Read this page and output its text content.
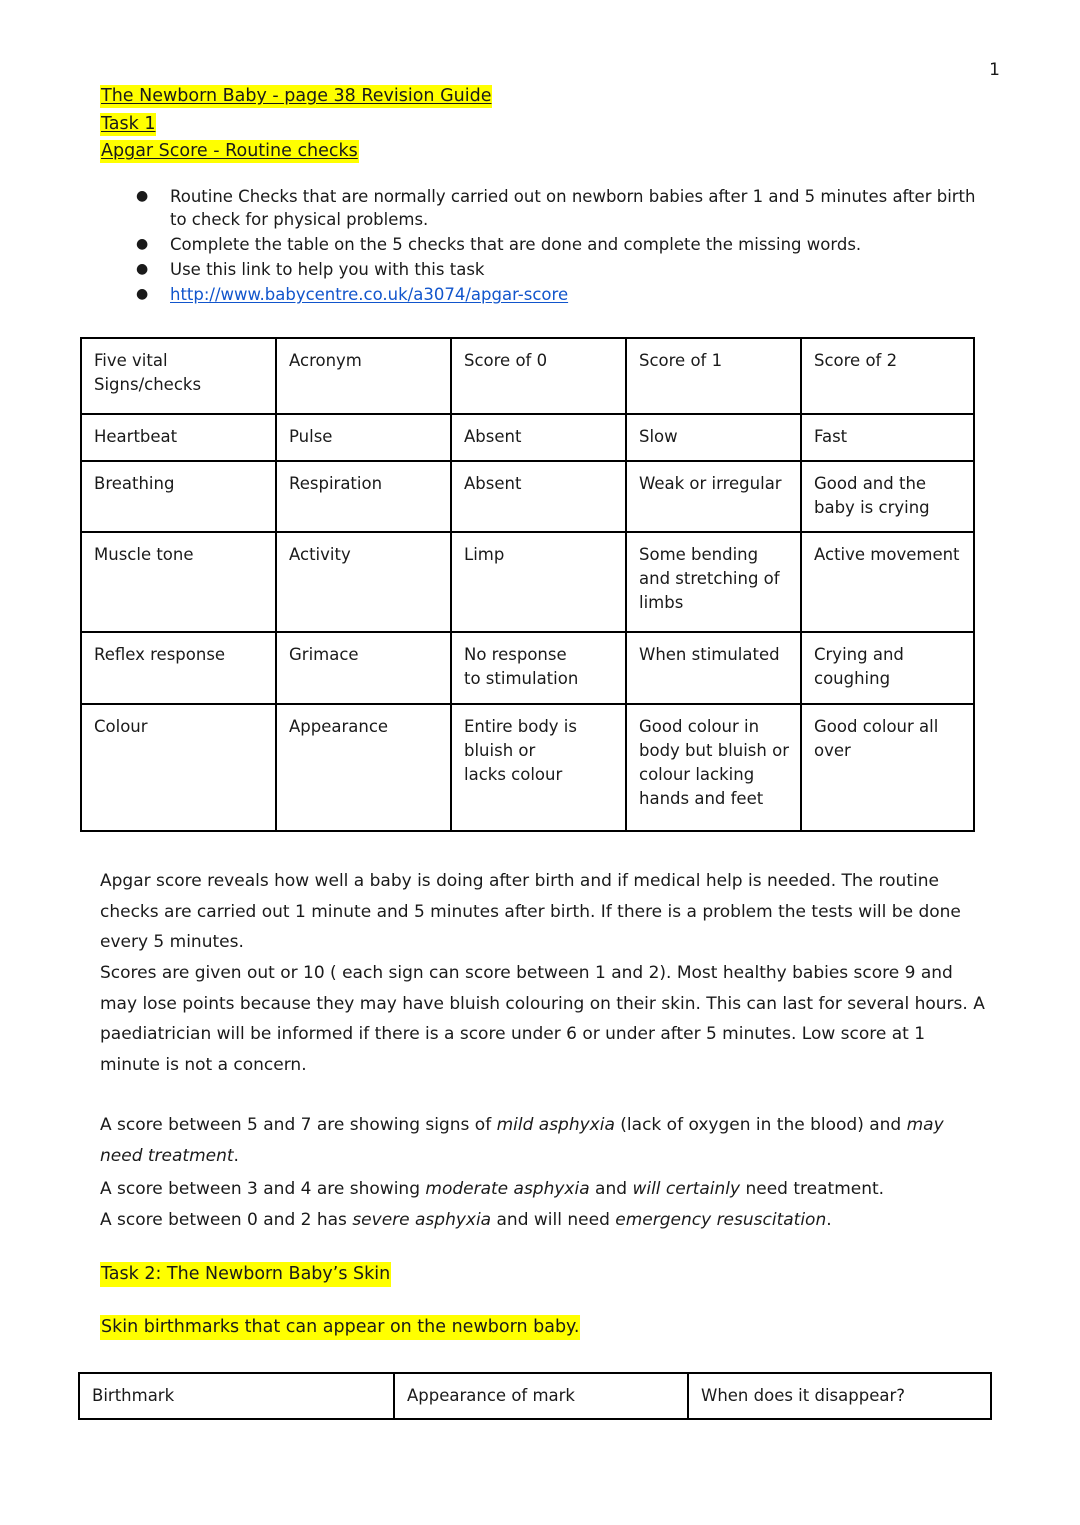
1
The Newborn Baby - page 38 Revision Guide
Task 1
Apgar Score - Routine checks
● Routine Checks that are normally carried out on newborn babies after 1 and 5 minutes after birth to check for physical problems.
● Complete the table on the 5 checks that are done and complete the missing words.
● Use this link to help you with this task
● http://www.babycentre.co.uk/a3074/apgar-score
Five vital
Signs/checks	Acronym	Score of 0	Score of 1	Score of 2
Heartbeat	Pulse	Absent	Slow	Fast
Breathing	Respiration	Absent	Weak or irregular	Good and the baby is crying
Muscle tone	Activity	Limp	Some bending and stretching of limbs	Active movement
Reflex response	Grimace	No response
to stimulation	When stimulated	Crying and coughing
Colour	Appearance	Entire body is
bluish or
lacks colour	Good colour in body but bluish or colour lacking hands and feet	Good colour all over
Apgar score reveals how well a baby is doing after birth and if medical help is needed. The routine checks are carried out 1 minute and 5 minutes after birth. If there is a problem the tests will be done every 5 minutes.
Scores are given out or 10 ( each sign can score between 1 and 2). Most healthy babies score 9 and may lose points because they may have bluish colouring on their skin. This can last for several hours. A paediatrician will be informed if there is a score under 6 or under after 5 minutes. Low score at 1 minute is not a concern.
A score between 5 and 7 are showing signs of mild asphyxia (lack of oxygen in the blood) and may need treatment.
A score between 3 and 4 are showing moderate asphyxia and will certainly need treatment.
A score between 0 and 2 has severe asphyxia and will need emergency resuscitation.
Task 2: The Newborn Baby’s Skin
Skin birthmarks that can appear on the newborn baby.
Birthmark	Appearance of mark	When does it disappear?
